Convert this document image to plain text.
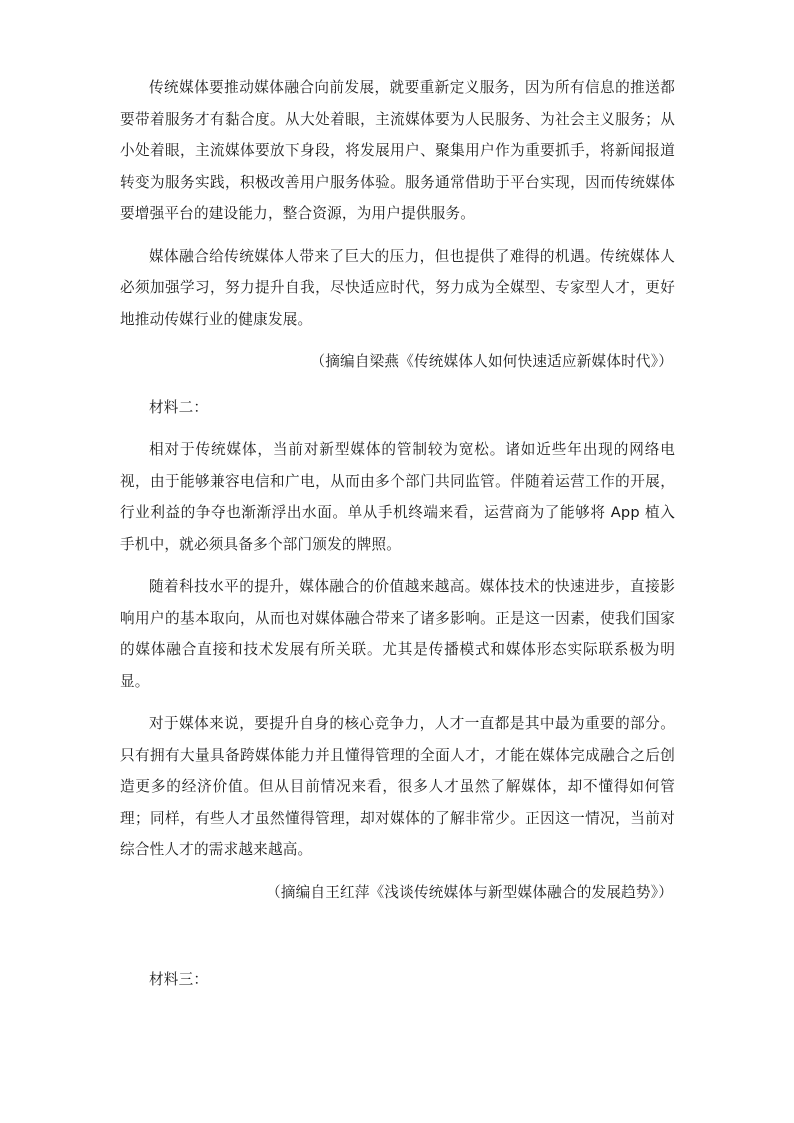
传统媒体要推动媒体融合向前发展，就要重新定义服务，因为所有信息的推送都要带着服务才有黏合度。从大处着眼，主流媒体要为人民服务、为社会主义服务；从小处着眼，主流媒体要放下身段，将发展用户、聚集用户作为重要抓手，将新闻报道转变为服务实践，积极改善用户服务体验。服务通常借助于平台实现，因而传统媒体要增强平台的建设能力，整合资源，为用户提供服务。

媒体融合给传统媒体人带来了巨大的压力，但也提供了难得的机遇。传统媒体人必须加强学习，努力提升自我，尽快适应时代，努力成为全媒型、专家型人才，更好地推动传媒行业的健康发展。

（摘编自梁燕《传统媒体人如何快速适应新媒体时代》）

材料二：

相对于传统媒体，当前对新型媒体的管制较为宽松。诸如近些年出现的网络电视，由于能够兼容电信和广电，从而由多个部门共同监管。伴随着运营工作的开展，行业利益的争夺也渐渐浮出水面。单从手机终端来看，运营商为了能够将 App 植入手机中，就必须具备多个部门颁发的牌照。

随着科技水平的提升，媒体融合的价值越来越高。媒体技术的快速进步，直接影响用户的基本取向，从而也对媒体融合带来了诸多影响。正是这一因素，使我们国家的媒体融合直接和技术发展有所关联。尤其是传播模式和媒体形态实际联系极为明显。

对于媒体来说，要提升自身的核心竞争力，人才一直都是其中最为重要的部分。只有拥有大量具备跨媒体能力并且懂得管理的全面人才，才能在媒体完成融合之后创造更多的经济价值。但从目前情况来看，很多人才虽然了解媒体，却不懂得如何管理；同样，有些人才虽然懂得管理，却对媒体的了解非常少。正因这一情况，当前对综合性人才的需求越来越高。

（摘编自王红萍《浅谈传统媒体与新型媒体融合的发展趋势》）

材料三：
